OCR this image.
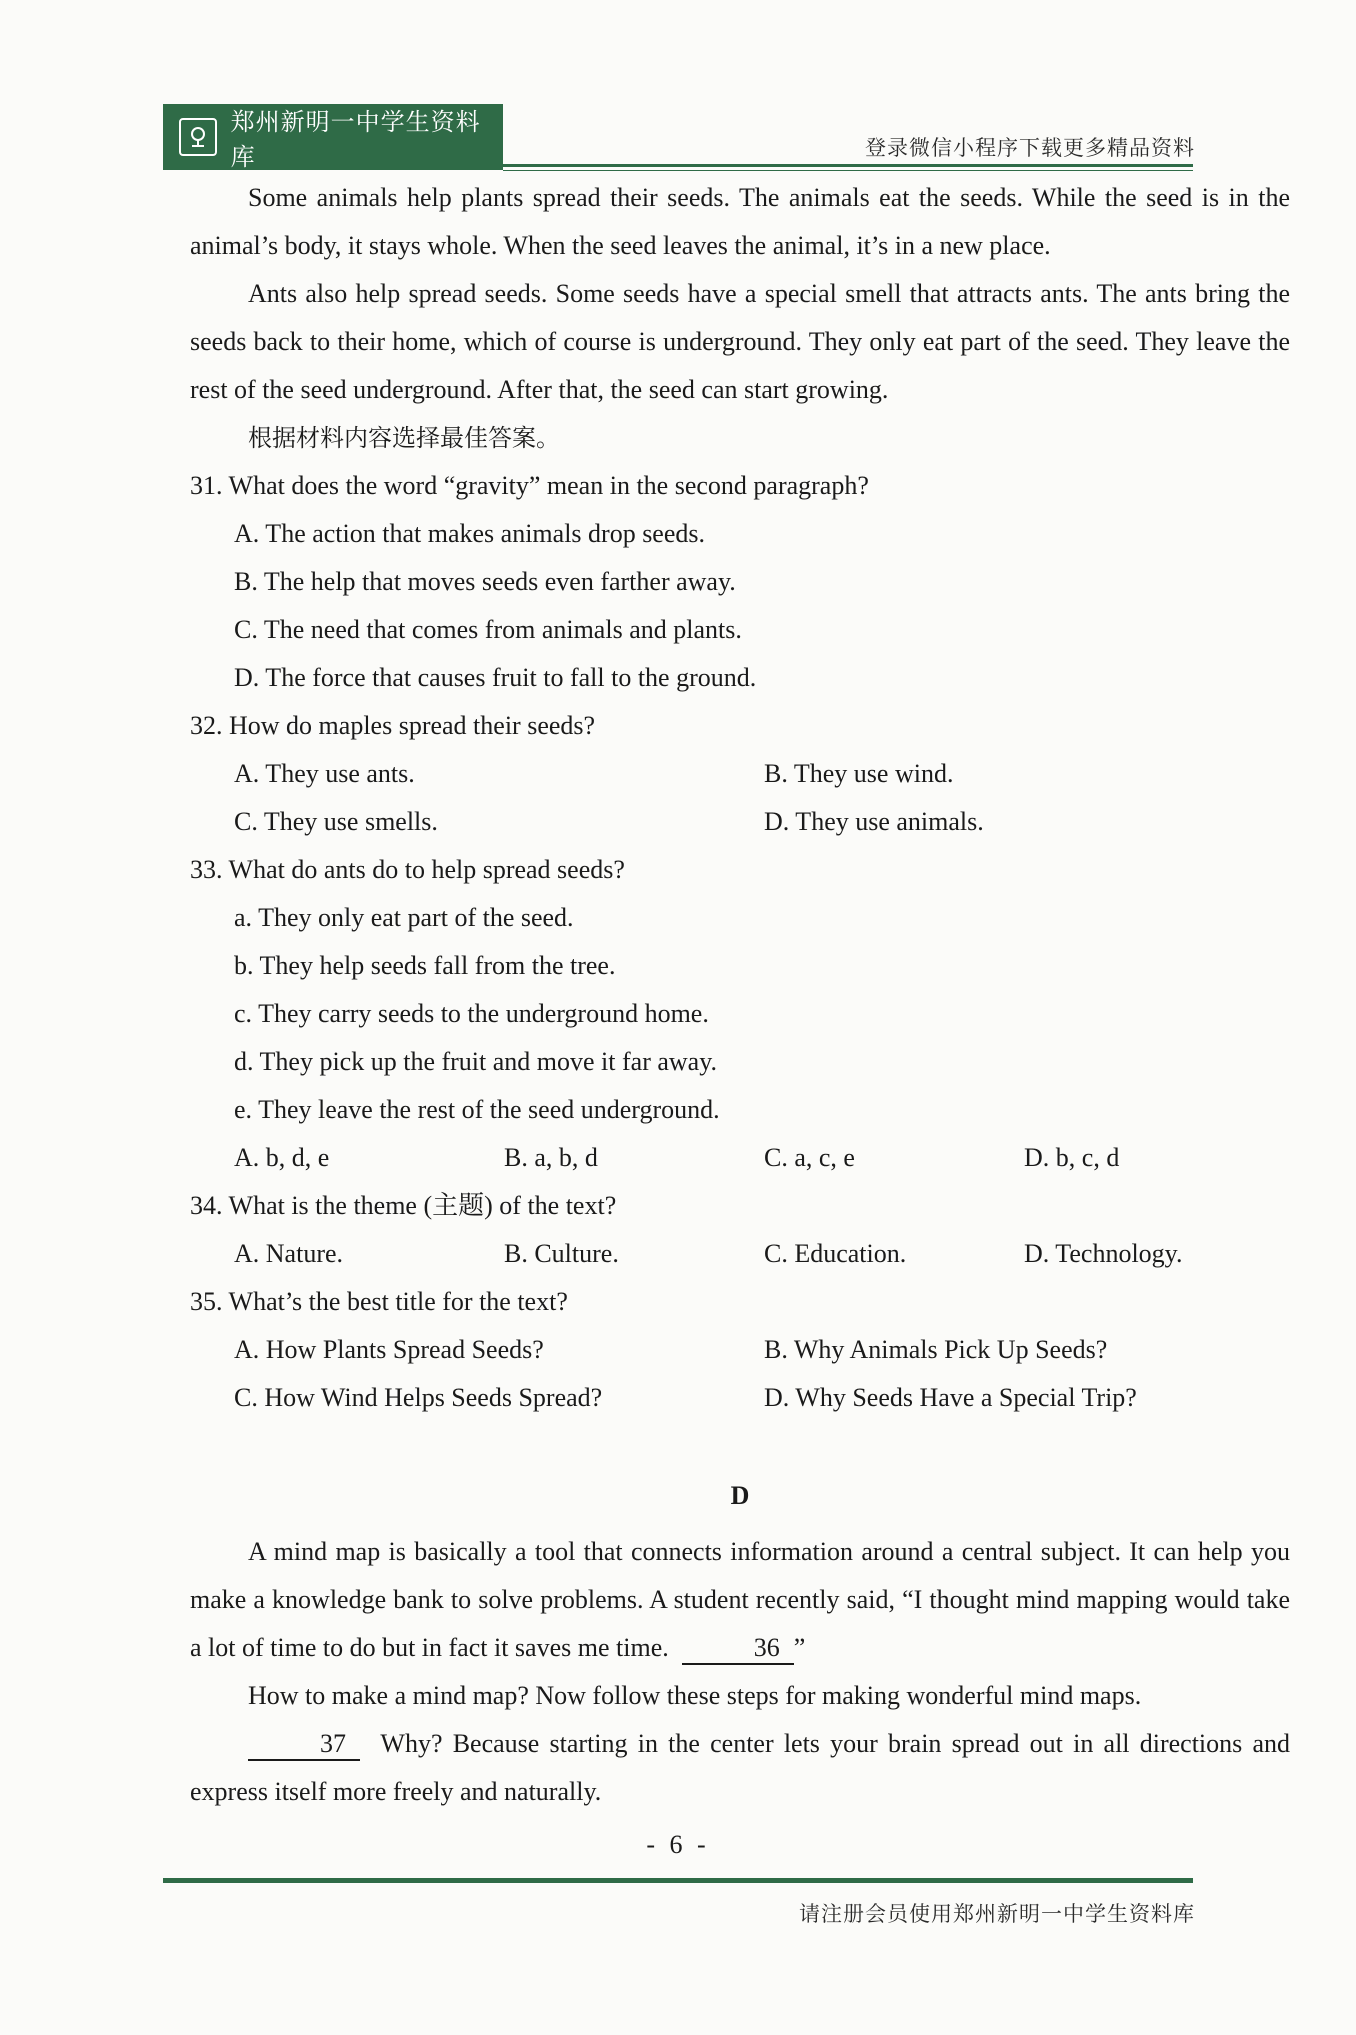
郑州新明一中学生资料库	登录微信小程序下载更多精品资料

Some animals help plants spread their seeds. The animals eat the seeds. While the seed is in the animal’s body, it stays whole. When the seed leaves the animal, it’s in a new place.

Ants also help spread seeds. Some seeds have a special smell that attracts ants. The ants bring the seeds back to their home, which of course is underground. They only eat part of the seed. They leave the rest of the seed underground. After that, the seed can start growing.

根据材料内容选择最佳答案。

31. What does the word “gravity” mean in the second paragraph?

A. The action that makes animals drop seeds.
B. The help that moves seeds even farther away.
C. The need that comes from animals and plants.
D. The force that causes fruit to fall to the ground.

32. How do maples spread their seeds?

A. They use ants.	B. They use wind.
C. They use smells.	D. They use animals.

33. What do ants do to help spread seeds?

a. They only eat part of the seed.
b. They help seeds fall from the tree.
c. They carry seeds to the underground home.
d. They pick up the fruit and move it far away.
e. They leave the rest of the seed underground.
A. b, d, e	B. a, b, d	C. a, c, e	D. b, c, d

34. What is the theme (主题) of the text?

A. Nature.	B. Culture.	C. Education.	D. Technology.

35. What’s the best title for the text?

A. How Plants Spread Seeds?	B. Why Animals Pick Up Seeds?
C. How Wind Helps Seeds Spread?	D. Why Seeds Have a Special Trip?
D

A mind map is basically a tool that connects information around a central subject. It can help you make a knowledge bank to solve problems. A student recently said, “I thought mind mapping would take a lot of time to do but in fact it saves me time.	36 ”

How to make a mind map? Now follow these steps for making wonderful mind maps.

37 Why? Because starting in the center lets your brain spread out in all directions and express itself more freely and naturally.

- 6 -
请注册会员使用郑州新明一中学生资料库
